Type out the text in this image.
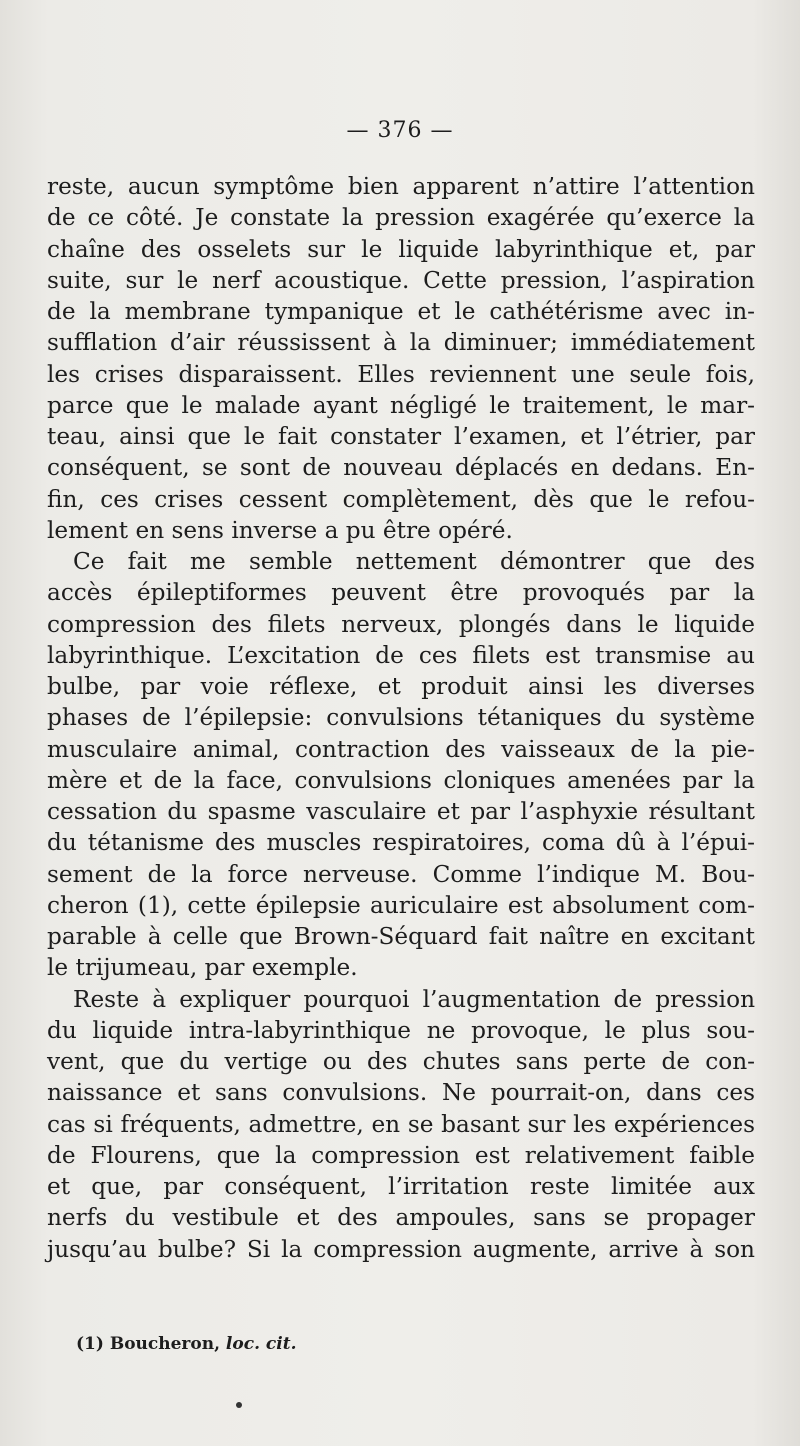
— 376 —
reste, aucun symptôme bien apparent n’attire l’attention
de ce côté. Je constate la pression exagérée qu’exerce la
chaîne des osselets sur le liquide labyrinthique et, par
suite, sur le nerf acoustique. Cette pression, l’aspiration
de la membrane tympanique et le cathétérisme avec in-
sufflation d’air réussissent à la diminuer; immédiatement
les crises disparaissent. Elles reviennent une seule fois,
parce que le malade ayant négligé le traitement, le mar-
teau, ainsi que le fait constater l’examen, et l’étrier, par
conséquent, se sont de nouveau déplacés en dedans. En-
fin, ces crises cessent complètement, dès que le refou-
lement en sens inverse a pu être opéré.
Ce fait me semble nettement démontrer que des
accès épileptiformes peuvent être provoqués par la
compression des filets nerveux, plongés dans le liquide
labyrinthique. L’excitation de ces filets est transmise au
bulbe, par voie réflexe, et produit ainsi les diverses
phases de l’épilepsie: convulsions tétaniques du système
musculaire animal, contraction des vaisseaux de la pie-
mère et de la face, convulsions cloniques amenées par la
cessation du spasme vasculaire et par l’asphyxie résultant
du tétanisme des muscles respiratoires, coma dû à l’épui-
sement de la force nerveuse. Comme l’indique M. Bou-
cheron (1), cette épilepsie auriculaire est absolument com-
parable à celle que Brown-Séquard fait naître en excitant
le trijumeau, par exemple.
Reste à expliquer pourquoi l’augmentation de pression
du liquide intra-labyrinthique ne provoque, le plus sou-
vent, que du vertige ou des chutes sans perte de con-
naissance et sans convulsions. Ne pourrait-on, dans ces
cas si fréquents, admettre, en se basant sur les expériences
de Flourens, que la compression est relativement faible
et que, par conséquent, l’irritation reste limitée aux
nerfs du vestibule et des ampoules, sans se propager
jusqu’au bulbe? Si la compression augmente, arrive à son
(1) Boucheron, loc. cit.
